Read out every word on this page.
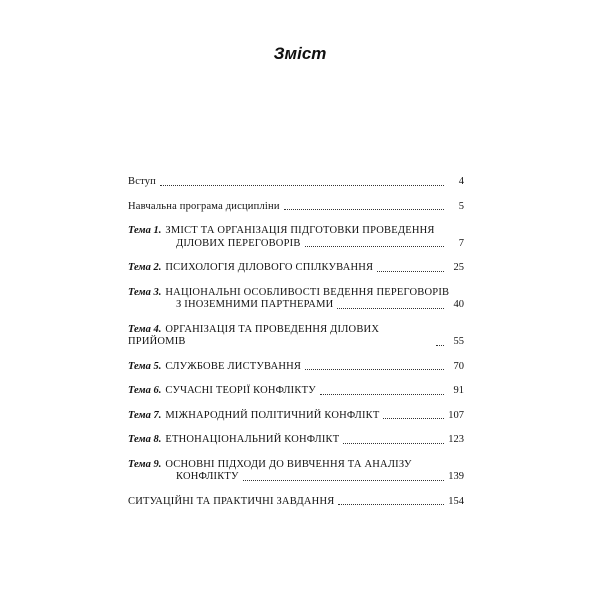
Зміст
Вступ	4
Навчальна програма дисципліни	5
Тема 1. ЗМІСТ ТА ОРГАНІЗАЦІЯ ПІДГОТОВКИ ПРОВЕДЕННЯ
ДІЛОВИХ ПЕРЕГОВОРІВ	7
Тема 2. ПСИХОЛОГІЯ ДІЛОВОГО СПІЛКУВАННЯ	25
Тема 3. НАЦІОНАЛЬНІ ОСОБЛИВОСТІ ВЕДЕННЯ ПЕРЕГОВОРІВ
З ІНОЗЕМНИМИ ПАРТНЕРАМИ	40
Тема 4. ОРГАНІЗАЦІЯ ТА ПРОВЕДЕННЯ ДІЛОВИХ ПРИЙОМІВ	55
Тема 5. СЛУЖБОВЕ ЛИСТУВАННЯ	70
Тема 6. СУЧАСНІ ТЕОРІЇ КОНФЛІКТУ	91
Тема 7. МІЖНАРОДНИЙ ПОЛІТИЧНИЙ КОНФЛІКТ	107
Тема 8. ЕТНОНАЦІОНАЛЬНИЙ КОНФЛІКТ	123
Тема 9. ОСНОВНІ ПІДХОДИ ДО ВИВЧЕННЯ ТА АНАЛІЗУ
КОНФЛІКТУ	139
СИТУАЦІЙНІ ТА ПРАКТИЧНІ ЗАВДАННЯ	154
